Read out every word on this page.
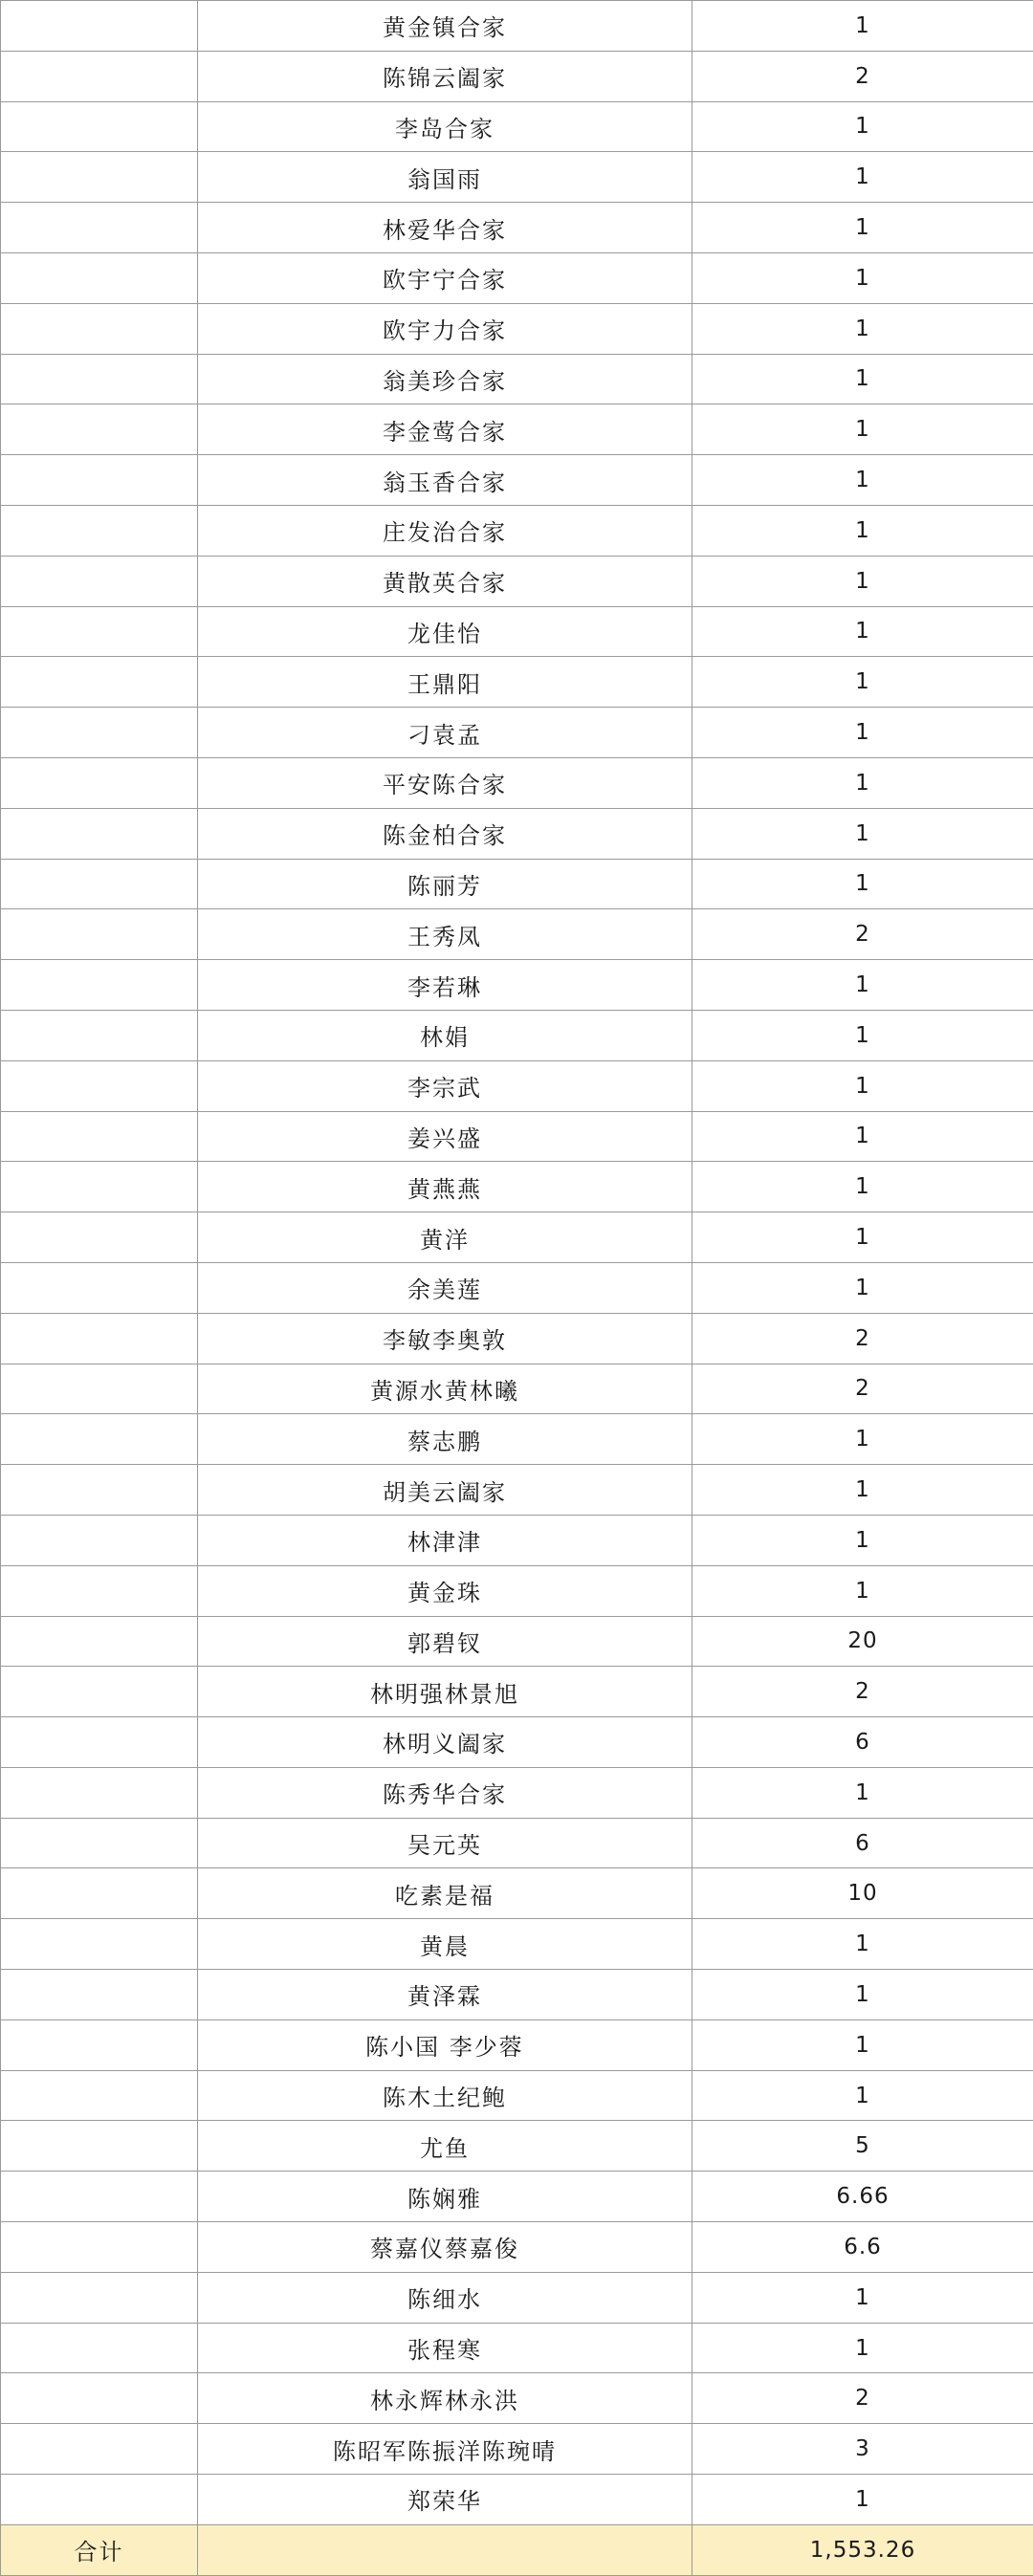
	黄金镇合家	1
	陈锦云阖家	2
	李岛合家	1
	翁国雨	1
	林爱华合家	1
	欧宇宁合家	1
	欧宇力合家	1
	翁美珍合家	1
	李金莺合家	1
	翁玉香合家	1
	庄发治合家	1
	黄散英合家	1
	龙佳怡	1
	王鼎阳	1
	刁袁孟	1
	平安陈合家	1
	陈金柏合家	1
	陈丽芳	1
	王秀凤	2
	李若琳	1
	林娟	1
	李宗武	1
	姜兴盛	1
	黄燕燕	1
	黄洋	1
	余美莲	1
	李敏李奥敦	2
	黄源水黄林曦	2
	蔡志鹏	1
	胡美云阖家	1
	林津津	1
	黄金珠	1
	郭碧钗	20
	林明强林景旭	2
	林明义阖家	6
	陈秀华合家	1
	吴元英	6
	吃素是福	10
	黄晨	1
	黄泽霖	1
	陈小国 李少蓉	1
	陈木土纪鲍	1
	尤鱼	5
	陈娴雅	6.66
	蔡嘉仪蔡嘉俊	6.6
	陈细水	1
	张程寒	1
	林永辉林永洪	2
	陈昭军陈振洋陈琬晴	3
	郑荣华	1
合计		1,553.26
